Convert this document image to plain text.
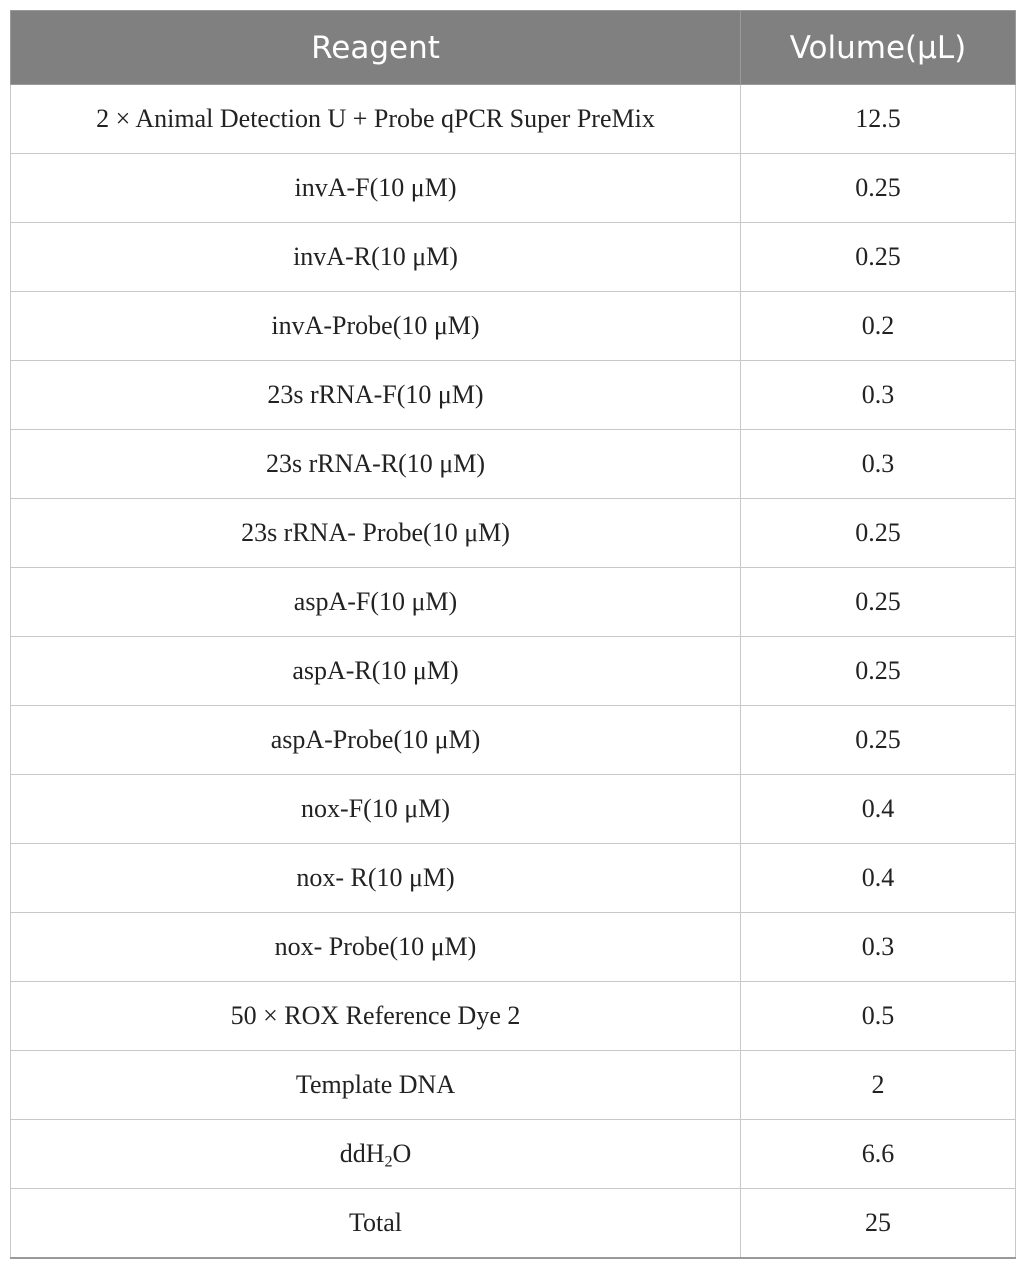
Reagent	Volume(μL)
2 × Animal Detection U + Probe qPCR Super PreMix	12.5
invA-F(10 μM)	0.25
invA-R(10 μM)	0.25
invA-Probe(10 μM)	0.2
23s rRNA-F(10 μM)	0.3
23s rRNA-R(10 μM)	0.3
23s rRNA- Probe(10 μM)	0.25
aspA-F(10 μM)	0.25
aspA-R(10 μM)	0.25
aspA-Probe(10 μM)	0.25
nox-F(10 μM)	0.4
nox- R(10 μM)	0.4
nox- Probe(10 μM)	0.3
50 × ROX Reference Dye 2	0.5
Template DNA	2
ddH$_2$O	6.6
Total	25
